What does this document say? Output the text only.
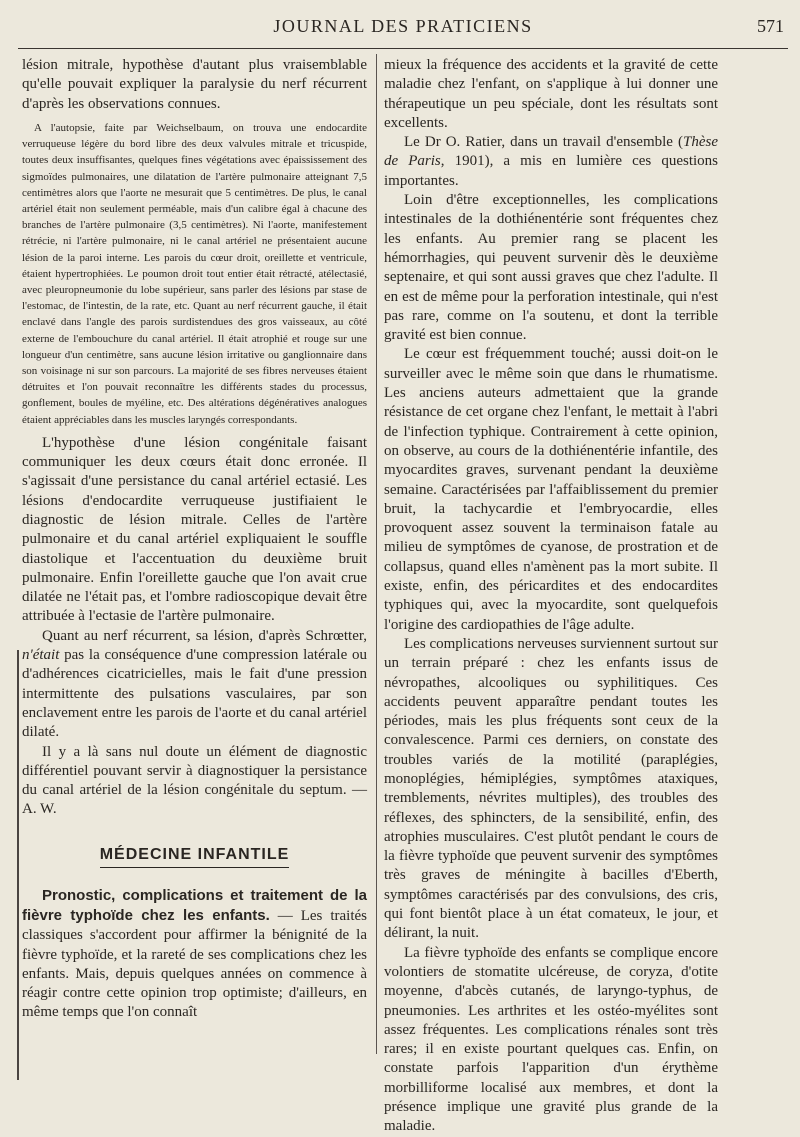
JOURNAL DES PRATICIENS	571

lésion mitrale, hypothèse d'autant plus vraisemblable qu'elle pouvait expliquer la paralysie du nerf récurrent d'après les observations connues.

A l'autopsie, faite par Weichselbaum, on trouva une endocardite verruqueuse légère du bord libre des deux valvules mitrale et tricuspide, toutes deux insuffisantes, quelques fines végétations avec épaississement des sigmoïdes pulmonaires, une dilatation de l'artère pulmonaire atteignant 7,5 centimètres alors que l'aorte ne mesurait que 5 centimètres. De plus, le canal artériel était non seulement perméable, mais d'un calibre égal à chacune des branches de l'artère pulmonaire (3,5 centimètres). Ni l'aorte, manifestement rétrécie, ni l'artère pulmonaire, ni le canal artériel ne présentaient aucune lésion de la paroi interne. Les parois du cœur droit, oreillette et ventricule, étaient hypertrophiées. Le poumon droit tout entier était rétracté, atélectasié, avec pleuropneumonie du lobe supérieur, sans parler des lésions par stase de l'estomac, de l'intestin, de la rate, etc. Quant au nerf récurrent gauche, il était enclavé dans l'angle des parois surdistendues des gros vaisseaux, au côté externe de l'embouchure du canal artériel. Il était atrophié et rouge sur une longueur d'un centimètre, sans aucune lésion irritative ou ganglionnaire dans son voisinage ni sur son parcours. La majorité de ses fibres nerveuses étaient détruites et l'on pouvait reconnaître les différents stades du processus, gonflement, boules de myéline, etc. Des altérations dégénératives analogues étaient appréciables dans les muscles laryngés correspondants.

L'hypothèse d'une lésion congénitale faisant communiquer les deux cœurs était donc erronée. Il s'agissait d'une persistance du canal artériel ectasié. Les lésions d'endocardite verruqueuse justifiaient le diagnostic de lésion mitrale. Celles de l'artère pulmonaire et du canal artériel expliquaient le souffle diastolique et l'accentuation du deuxième bruit pulmonaire. Enfin l'oreillette gauche que l'on avait crue dilatée ne l'était pas, et l'ombre radioscopique devait être attribuée à l'ectasie de l'artère pulmonaire.

Quant au nerf récurrent, sa lésion, d'après Schrœtter, n'était pas la conséquence d'une compression latérale ou d'adhérences cicatricielles, mais le fait d'une pression intermittente des pulsations vasculaires, par son enclavement entre les parois de l'aorte et du canal artériel dilaté.

Il y a là sans nul doute un élément de diagnostic différentiel pouvant servir à diagnostiquer la persistance du canal artériel de la lésion congénitale du septum. — A. W.

MÉDECINE INFANTILE

Pronostic, complications et traitement de la fièvre typhoïde chez les enfants. — Les traités classiques s'accordent pour affirmer la bénignité de la fièvre typhoïde, et la rareté de ses complications chez les enfants. Mais, depuis quelques années on commence à réagir contre cette opinion trop optimiste; d'ailleurs, en même temps que l'on connaît

mieux la fréquence des accidents et la gravité de cette maladie chez l'enfant, on s'applique à lui donner une thérapeutique un peu spéciale, dont les résultats sont excellents.

Le Dr O. Ratier, dans un travail d'ensemble (Thèse de Paris, 1901), a mis en lumière ces questions importantes.

Loin d'être exceptionnelles, les complications intestinales de la dothiénentérie sont fréquentes chez les enfants. Au premier rang se placent les hémorrhagies, qui peuvent survenir dès le deuxième septenaire, et qui sont aussi graves que chez l'adulte. Il en est de même pour la perforation intestinale, qui n'est pas rare, comme on l'a soutenu, et dont la terrible gravité est bien connue.

Le cœur est fréquemment touché; aussi doit-on le surveiller avec le même soin que dans le rhumatisme. Les anciens auteurs admettaient que la grande résistance de cet organe chez l'enfant, le mettait à l'abri de l'infection typhique. Contrairement à cette opinion, on observe, au cours de la dothiénentérie infantile, des myocardites graves, survenant pendant la deuxième semaine. Caractérisées par l'affaiblissement du premier bruit, la tachycardie et l'embryocardie, elles provoquent assez souvent la terminaison fatale au milieu de symptômes de cyanose, de prostration et de collapsus, quand elles n'amènent pas la mort subite. Il existe, enfin, des péricardites et des endocardites typhiques qui, avec la myocardite, sont quelquefois l'origine des cardiopathies de l'âge adulte.

Les complications nerveuses surviennent surtout sur un terrain préparé : chez les enfants issus de névropathes, alcooliques ou syphilitiques. Ces accidents peuvent apparaître pendant toutes les périodes, mais les plus fréquents sont ceux de la convalescence. Parmi ces derniers, on constate des troubles variés de la motilité (paraplégies, monoplégies, hémiplégies, symptômes ataxiques, tremblements, névrites multiples), des troubles des réflexes, des sphincters, de la sensibilité, enfin, des atrophies musculaires. C'est plutôt pendant le cours de la fièvre typhoïde que peuvent survenir des symptômes très graves de méningite à bacilles d'Eberth, symptômes caractérisés par des convulsions, des cris, qui font bientôt place à un état comateux, le jour, et délirant, la nuit.

La fièvre typhoïde des enfants se complique encore volontiers de stomatite ulcéreuse, de coryza, d'otite moyenne, d'abcès cutanés, de laryngo-typhus, de pneumonies. Les arthrites et les ostéo-myélites sont assez fréquentes. Les complications rénales sont très rares; il en existe pourtant quelques cas. Enfin, on constate parfois l'apparition d'un érythème morbilliforme localisé aux membres, et dont la présence implique une gravité plus grande de la maladie.
